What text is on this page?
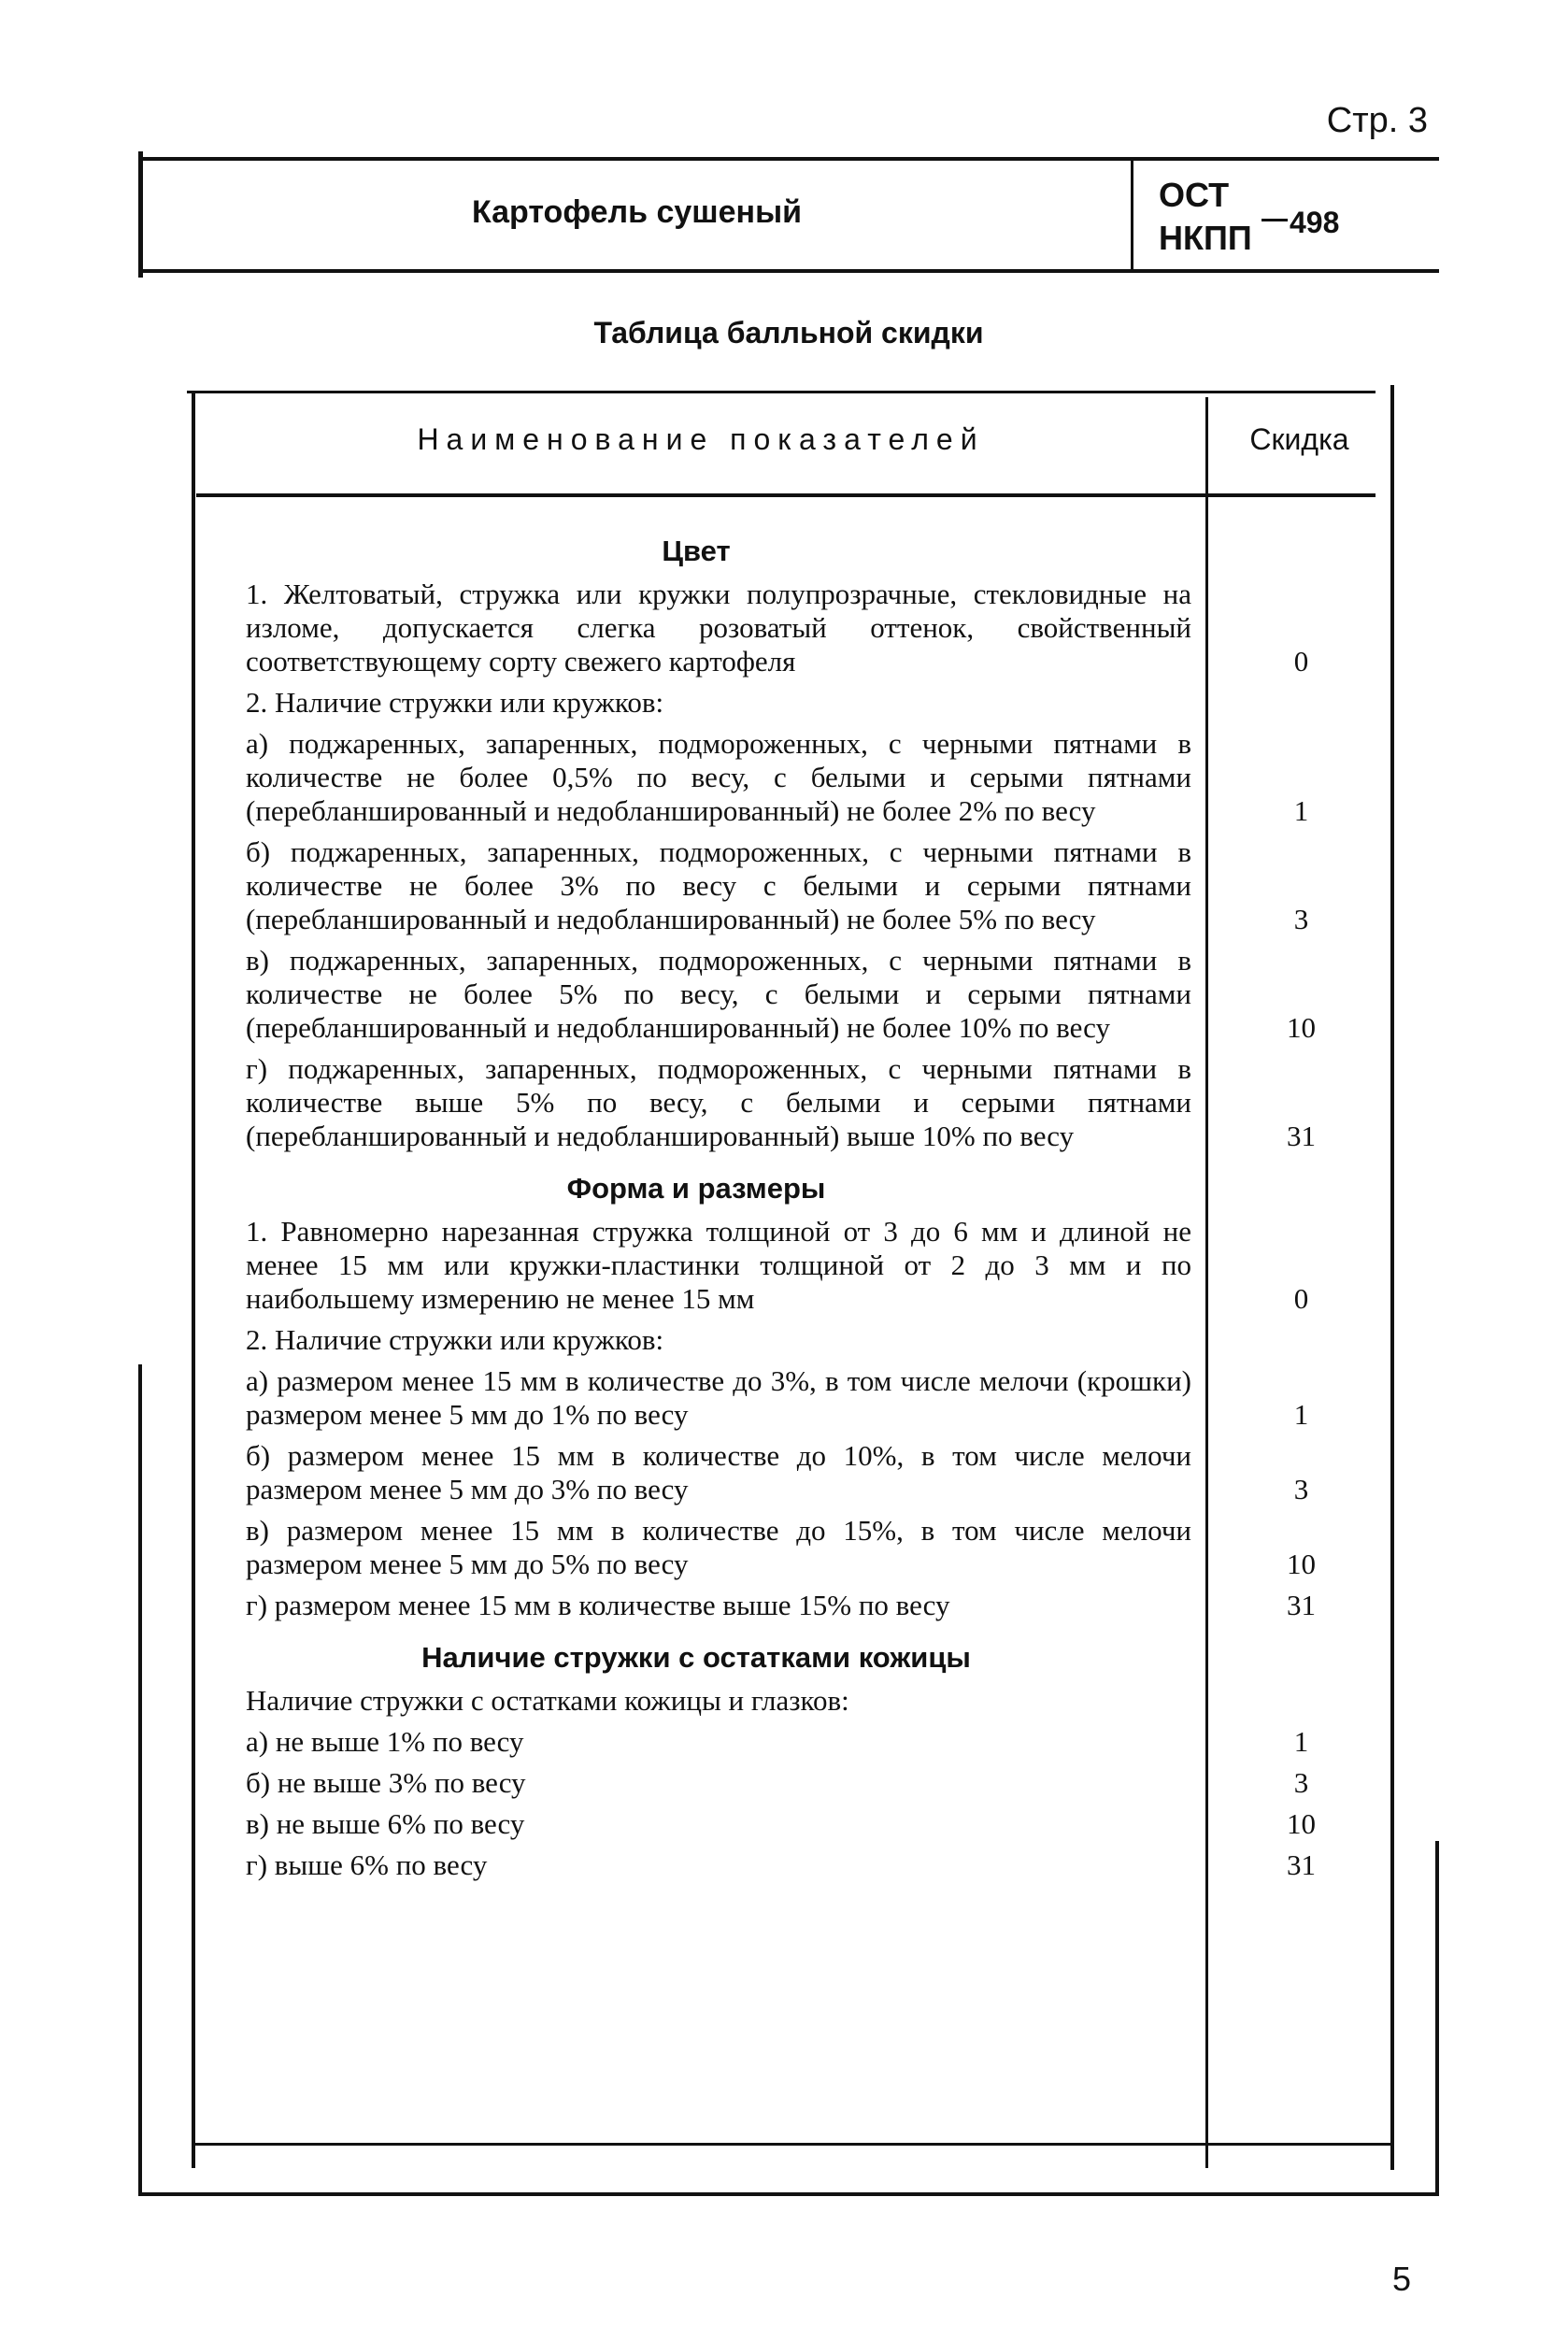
Стр. 3
Картофель сушеный	ОСТ
НКПП 498
Таблица балльной скидки
Наименование показателей	Скидка
Цвет
1. Желтоватый, стружка или кружки полупрозрачные, стекловидные на изломе, допускается слегка розоватый оттенок, свойственный соответствующему сорту свежего картофеля	0
2. Наличие стружки или кружков:
а) поджаренных, запаренных, подмороженных, с черными пятнами в количестве не более 0,5% по весу, с белыми и серыми пятнами (перебланшированный и недобланшированный) не более 2% по весу	1
б) поджаренных, запаренных, подмороженных, с черными пятнами в количестве не более 3% по весу с белыми и серыми пятнами (перебланшированный и недобланшированный) не более 5% по весу	3
в) поджаренных, запаренных, подмороженных, с черными пятнами в количестве не более 5% по весу, с белыми и серыми пятнами (перебланшированный и недобланшированный) не более 10% по весу	10
г) поджаренных, запаренных, подмороженных, с черными пятнами в количестве выше 5% по весу, с белыми и серыми пятнами (перебланшированный и недобланшированный) выше 10% по весу	31
Форма и размеры
1. Равномерно нарезанная стружка толщиной от 3 до 6 мм и длиной не менее 15 мм или кружки-пластинки толщиной от 2 до 3 мм и по наибольшему измерению не менее 15 мм	0
2. Наличие стружки или кружков:
а) размером менее 15 мм в количестве до 3%, в том числе мелочи (крошки) размером менее 5 мм до 1% по весу	1
б) размером менее 15 мм в количестве до 10%, в том числе мелочи размером менее 5 мм до 3% по весу	3
в) размером менее 15 мм в количестве до 15%, в том числе мелочи размером менее 5 мм до 5% по весу	10
г) размером менее 15 мм в количестве выше 15% по весу	31
Наличие стружки с остатками кожицы
Наличие стружки с остатками кожицы и глазков:
а) не выше 1% по весу	1
б) не выше 3% по весу	3
в) не выше 6% по весу	10
г) выше 6% по весу	31
5
